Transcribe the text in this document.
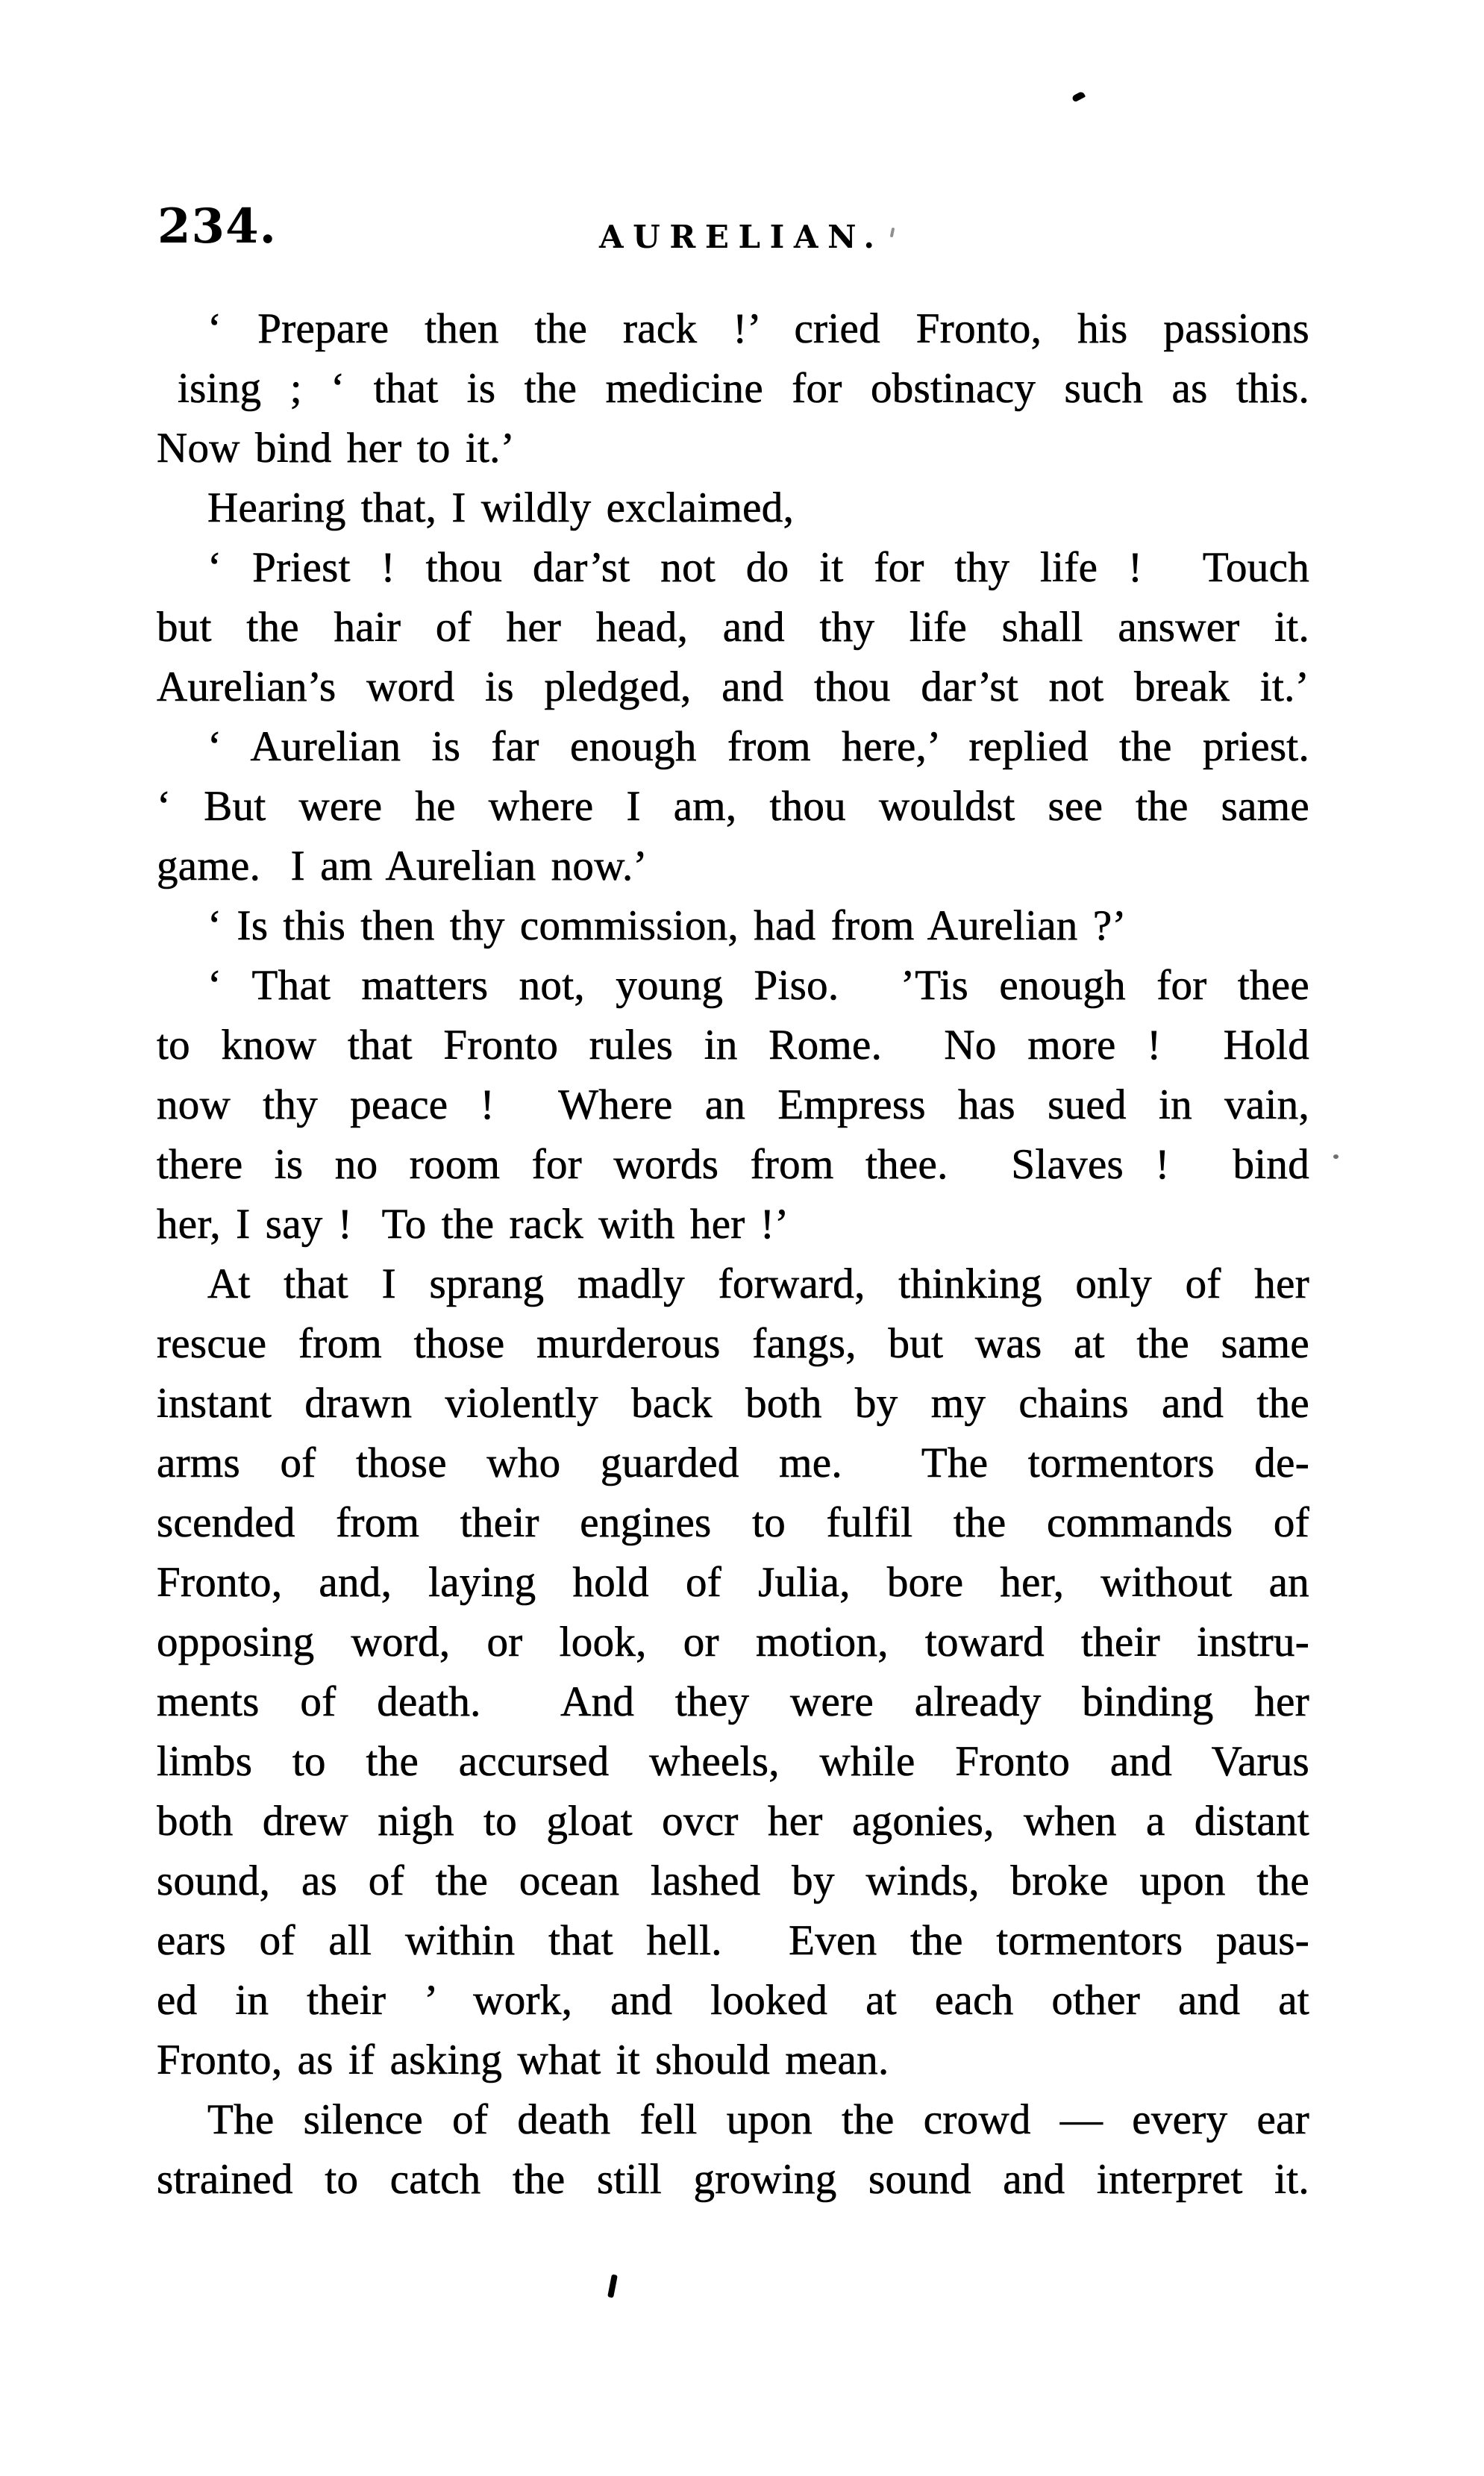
234.	AURELIAN.
‘ Prepare then the rack !’ cried Fronto, his passions
ising ; ‘ that is the medicine for obstinacy such as this.
Now bind her to it.’
Hearing that, I wildly exclaimed,
‘ Priest ! thou dar’st not do it for thy life !  Touch
but the hair of her head, and thy life shall answer it.
Aurelian’s word is pledged, and thou dar’st not break it.’
‘ Aurelian is far enough from here,’ replied the priest.
‘ But were he where I am, thou wouldst see the same
game.  I am Aurelian now.’
‘ Is this then thy commission, had from Aurelian ?’
‘ That matters not, young Piso.  ’Tis enough for thee
to know that Fronto rules in Rome.  No more !  Hold
now thy peace !  Where an Empress has sued in vain,
there is no room for words from thee.  Slaves !  bind
her, I say !  To the rack with her !’
At that I sprang madly forward, thinking only of her
rescue from those murderous fangs, but was at the same
instant drawn violently back both by my chains and the
arms of those who guarded me.  The tormentors de-
scended from their engines to fulfil the commands of
Fronto, and, laying hold of Julia, bore her, without an
opposing word, or look, or motion, toward their instru-
ments of death.  And they were already binding her
limbs to the accursed wheels, while Fronto and Varus
both drew nigh to gloat ovcr her agonies, when a distant
sound, as of the ocean lashed by winds, broke upon the
ears of all within that hell.  Even the tormentors paus-
ed in their ’ work, and looked at each other and at
Fronto, as if asking what it should mean.
The silence of death fell upon the crowd — every ear
strained to catch the still growing sound and interpret it.
